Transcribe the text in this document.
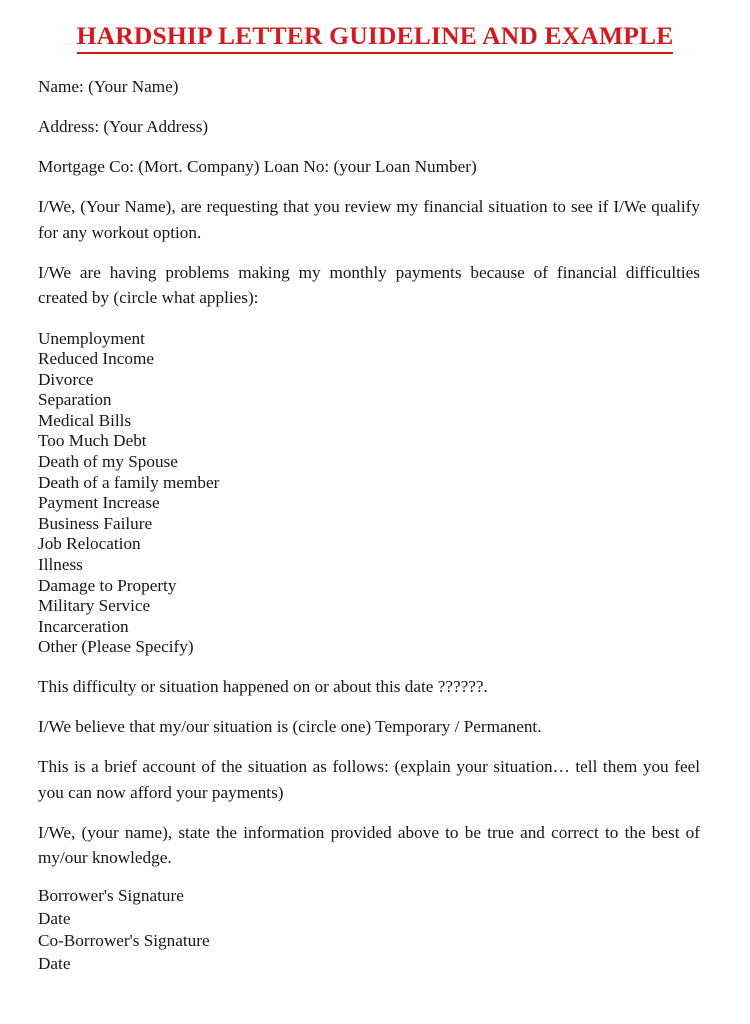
HARDSHIP LETTER GUIDELINE AND EXAMPLE

Name: (Your Name)

Address: (Your Address)

Mortgage Co: (Mort. Company) Loan No: (your Loan Number)

I/We, (Your Name), are requesting that you review my financial situation to see if I/We qualify for any workout option.

I/We are having problems making my monthly payments because of financial difficulties created by (circle what applies):

Unemployment
Reduced Income
Divorce
Separation
Medical Bills
Too Much Debt
Death of my Spouse
Death of a family member
Payment Increase
Business Failure
Job Relocation
Illness
Damage to Property
Military Service
Incarceration
Other (Please Specify)

This difficulty or situation happened on or about this date ??????.

I/We believe that my/our situation is (circle one) Temporary / Permanent.

This is a brief account of the situation as follows: (explain your situation… tell them you feel you can now afford your payments)

I/We, (your name), state the information provided above to be true and correct to the best of my/our knowledge.

Borrower's Signature
Date
Co-Borrower's Signature
Date
